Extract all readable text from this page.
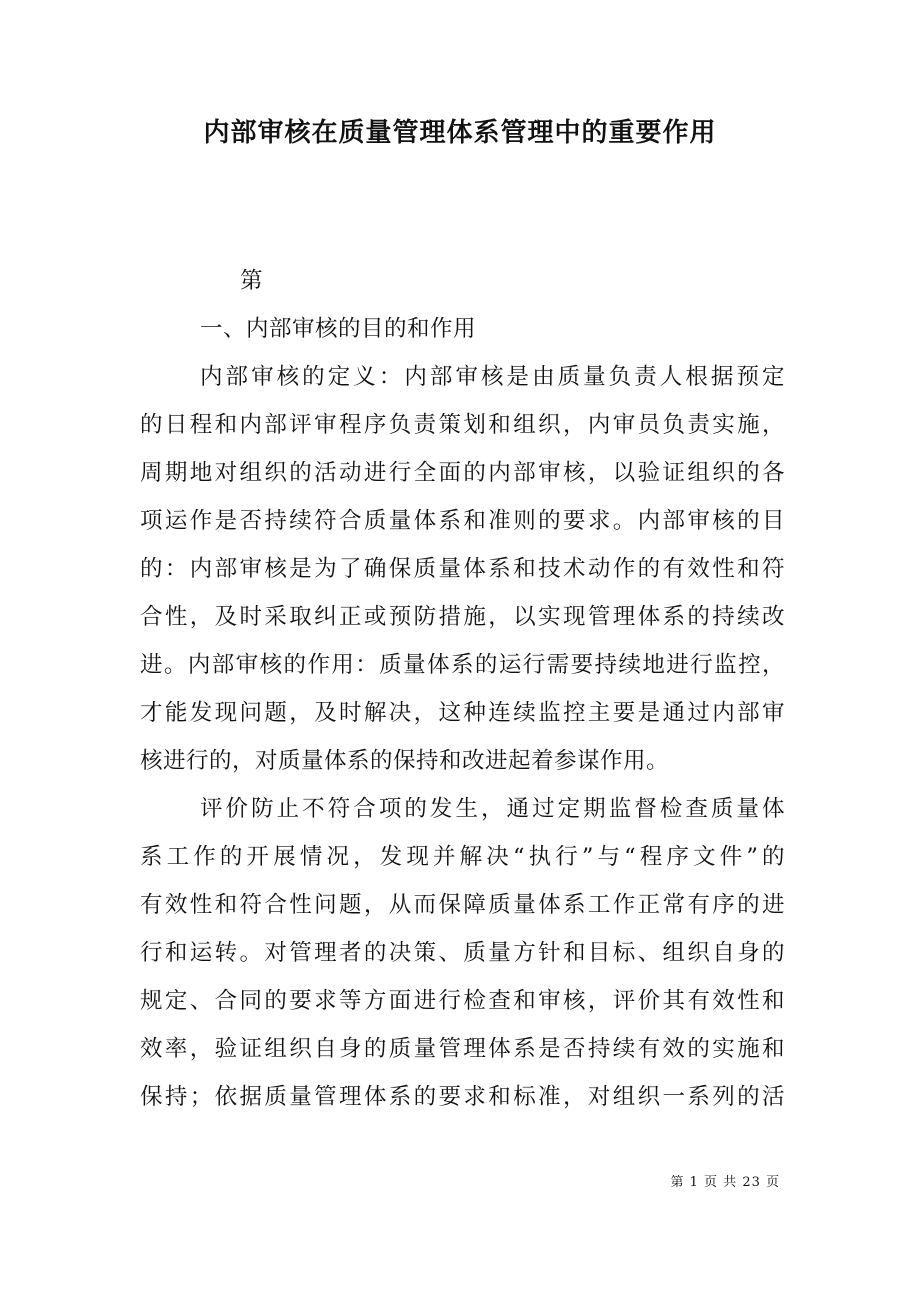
内部审核在质量管理体系管理中的重要作用

第

一、内部审核的目的和作用

内部审核的定义：内部审核是由质量负责人根据预定

的日程和内部评审程序负责策划和组织，内审员负责实施，

周期地对组织的活动进行全面的内部审核，以验证组织的各

项运作是否持续符合质量体系和准则的要求。内部审核的目

的：内部审核是为了确保质量体系和技术动作的有效性和符

合性，及时采取纠正或预防措施，以实现管理体系的持续改

进。内部审核的作用：质量体系的运行需要持续地进行监控，

才能发现问题，及时解决，这种连续监控主要是通过内部审

核进行的，对质量体系的保持和改进起着参谋作用。

评价防止不符合项的发生，通过定期监督检查质量体

系工作的开展情况，发现并解决“执行”与“程序文件”的

有效性和符合性问题，从而保障质量体系工作正常有序的进

行和运转。对管理者的决策、质量方针和目标、组织自身的

规定、合同的要求等方面进行检查和审核，评价其有效性和

效率，验证组织自身的质量管理体系是否持续有效的实施和

保持；依据质量管理体系的要求和标准，对组织一系列的活

第 1 页 共 23 页
